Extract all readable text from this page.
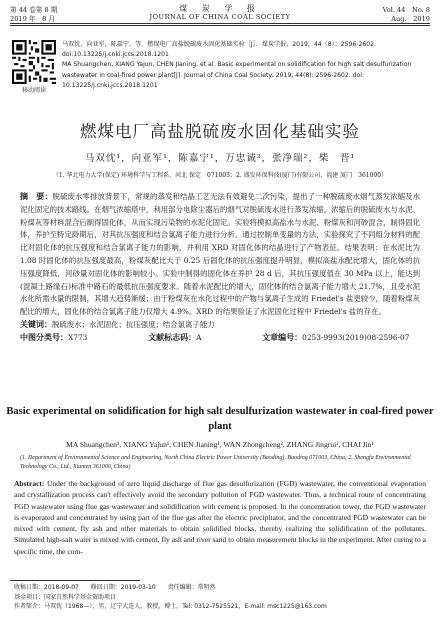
第 44 卷第 8 期
2019 年　8 月
煤 炭 学 报
JOURNAL OF CHINA COAL SOCIETY
Vol. 44　No. 8
Aug.　2019
移动阅读
马双忱，向亚军，陈嘉宁，等．燃煤电厂高盐脱硫废水固化基础实验［J］．煤炭学报，2019，44（8）：2596-2602．doi:10.13225/j.cnki.jccs.2018.1201
MA Shuangchen, XIANG Yajun, CHEN Jianing, et al. Basic experimental on solidification for high salt desulfurization wastewater in coal-fired power plant[J]. Journal of China Coal Society, 2019, 44(8): 2596-2602. doi: 10.13225/j.cnki.jccs.2018.1201
燃煤电厂高盐脱硫废水固化基础实验
马双忱¹，向亚军¹，陈嘉宁¹，万忠诚²，张净瑞²，柴　晋¹
（1. 华北电力大学(保定) 环境科学与工程系，河北 保定　071003；2. 盛发环保科技(厦门)有限公司，福建 厦门　361000）
摘　要：脱硫废水零排放背景下，常规的蒸发和结晶工艺无法有效避免二次污染，提出了一种脱硫废水烟气蒸发浓缩及水泥化固定的技术路线。在烟气浓缩塔中，利用部分电除尘器后的烟气对脱硫废水进行蒸发浓缩，浓缩后的脱硫废水与水泥、粉煤灰等材料混合后制得固化体，从而实现污染物的水泥化固定。实验将模拟高盐水与水泥、粉煤灰和河砂混合，制得固化体，养护至特定龄期后，对其抗压强度和结合氯离子能力进行分析。通过控制单变量的方法，实验探究了不同组分材料的配比对固化体的抗压强度和结合氯离子能力的影响，并利用 XRD 对固化体的结晶进行了产物表征。结果表明：在水泥比为 1.08 时固化体的抗压强度最高，粉煤灰配比大于 0.25 后固化体的抗压强度提升明显，模拟高盐水配比增大，固化体的抗压强度降低，河砂量对固化体的影响较小。实验中制得的固化体在养护 28 d 后，其抗压强度值在 30 MPa 以上，能达到(混凝土路缘石)标准中路石的最低抗压强度要求。随着水泥配比的增大，固化体的结合氯离子能力增大 21.7%，且受水泥水化所需水量的限制，其增大趋势渐缓；由于粉煤灰在水化过程中的产物与氯离子生成的 Friedel's 盐更较少，随着粉煤灰配比的增大，固化体的结合氯离子能力仅增大 4.9%。XRD 的结果验证了水泥固化过程中 Friedel's 盐的存在。
关键词：脱硫废水；水泥固化；抗压强度；结合氯离子能力
中图分类号：X773	文献标志码：A	文章编号：0253-9993(2019)08-2596-07
Basic experimental on solidification for high salt desulfurization wastewater in coal-fired power plant
MA Shuangchen¹, XIANG Yajun¹, CHEN Jianing¹, WAN Zhongcheng², ZHANG Jingrui², CHAI Jin¹
(1. Department of Environmental Science and Engineering, North China Electric Power University (Baoding), Baoding 071003, China; 2. Shengfa Environmental Technology Co., Ltd., Xiamen 361000, China)
Abstract: Under the background of zero liquid discharge of flue gas desulfurization (FGD) wastewater, the conventional evaporation and crystallization process can't effectively avoid the secondary pollution of FGD wastewater. Thus, a technical route of concentrating FGD wastewater using flue gas wastewater and solidification with cement is proposed. In the concentration tower, the FGD wastewater is evaporated and concentrated by using part of the flue gas after the electric precipitator, and the concentrated FGD wastewater can be mixed with cement, fly ash and other materials to obtain solidified blocks, thereby realizing the solidification of the pollutants. Simulated high-salt water is mixed with cement, fly ash and river sand to obtain measurement blocks in the experiment. After curing to a specific time, the com-
收稿日期：2018-09-07 修回日期：2019-03-10 责任编辑：常明然
基金项目：国家自然科学基金资助项目
作者简介：马双忱（1968—），男，辽宁大连人，教授，博士。Tel: 0312-7525521，E-mail: msc1225@163.com
